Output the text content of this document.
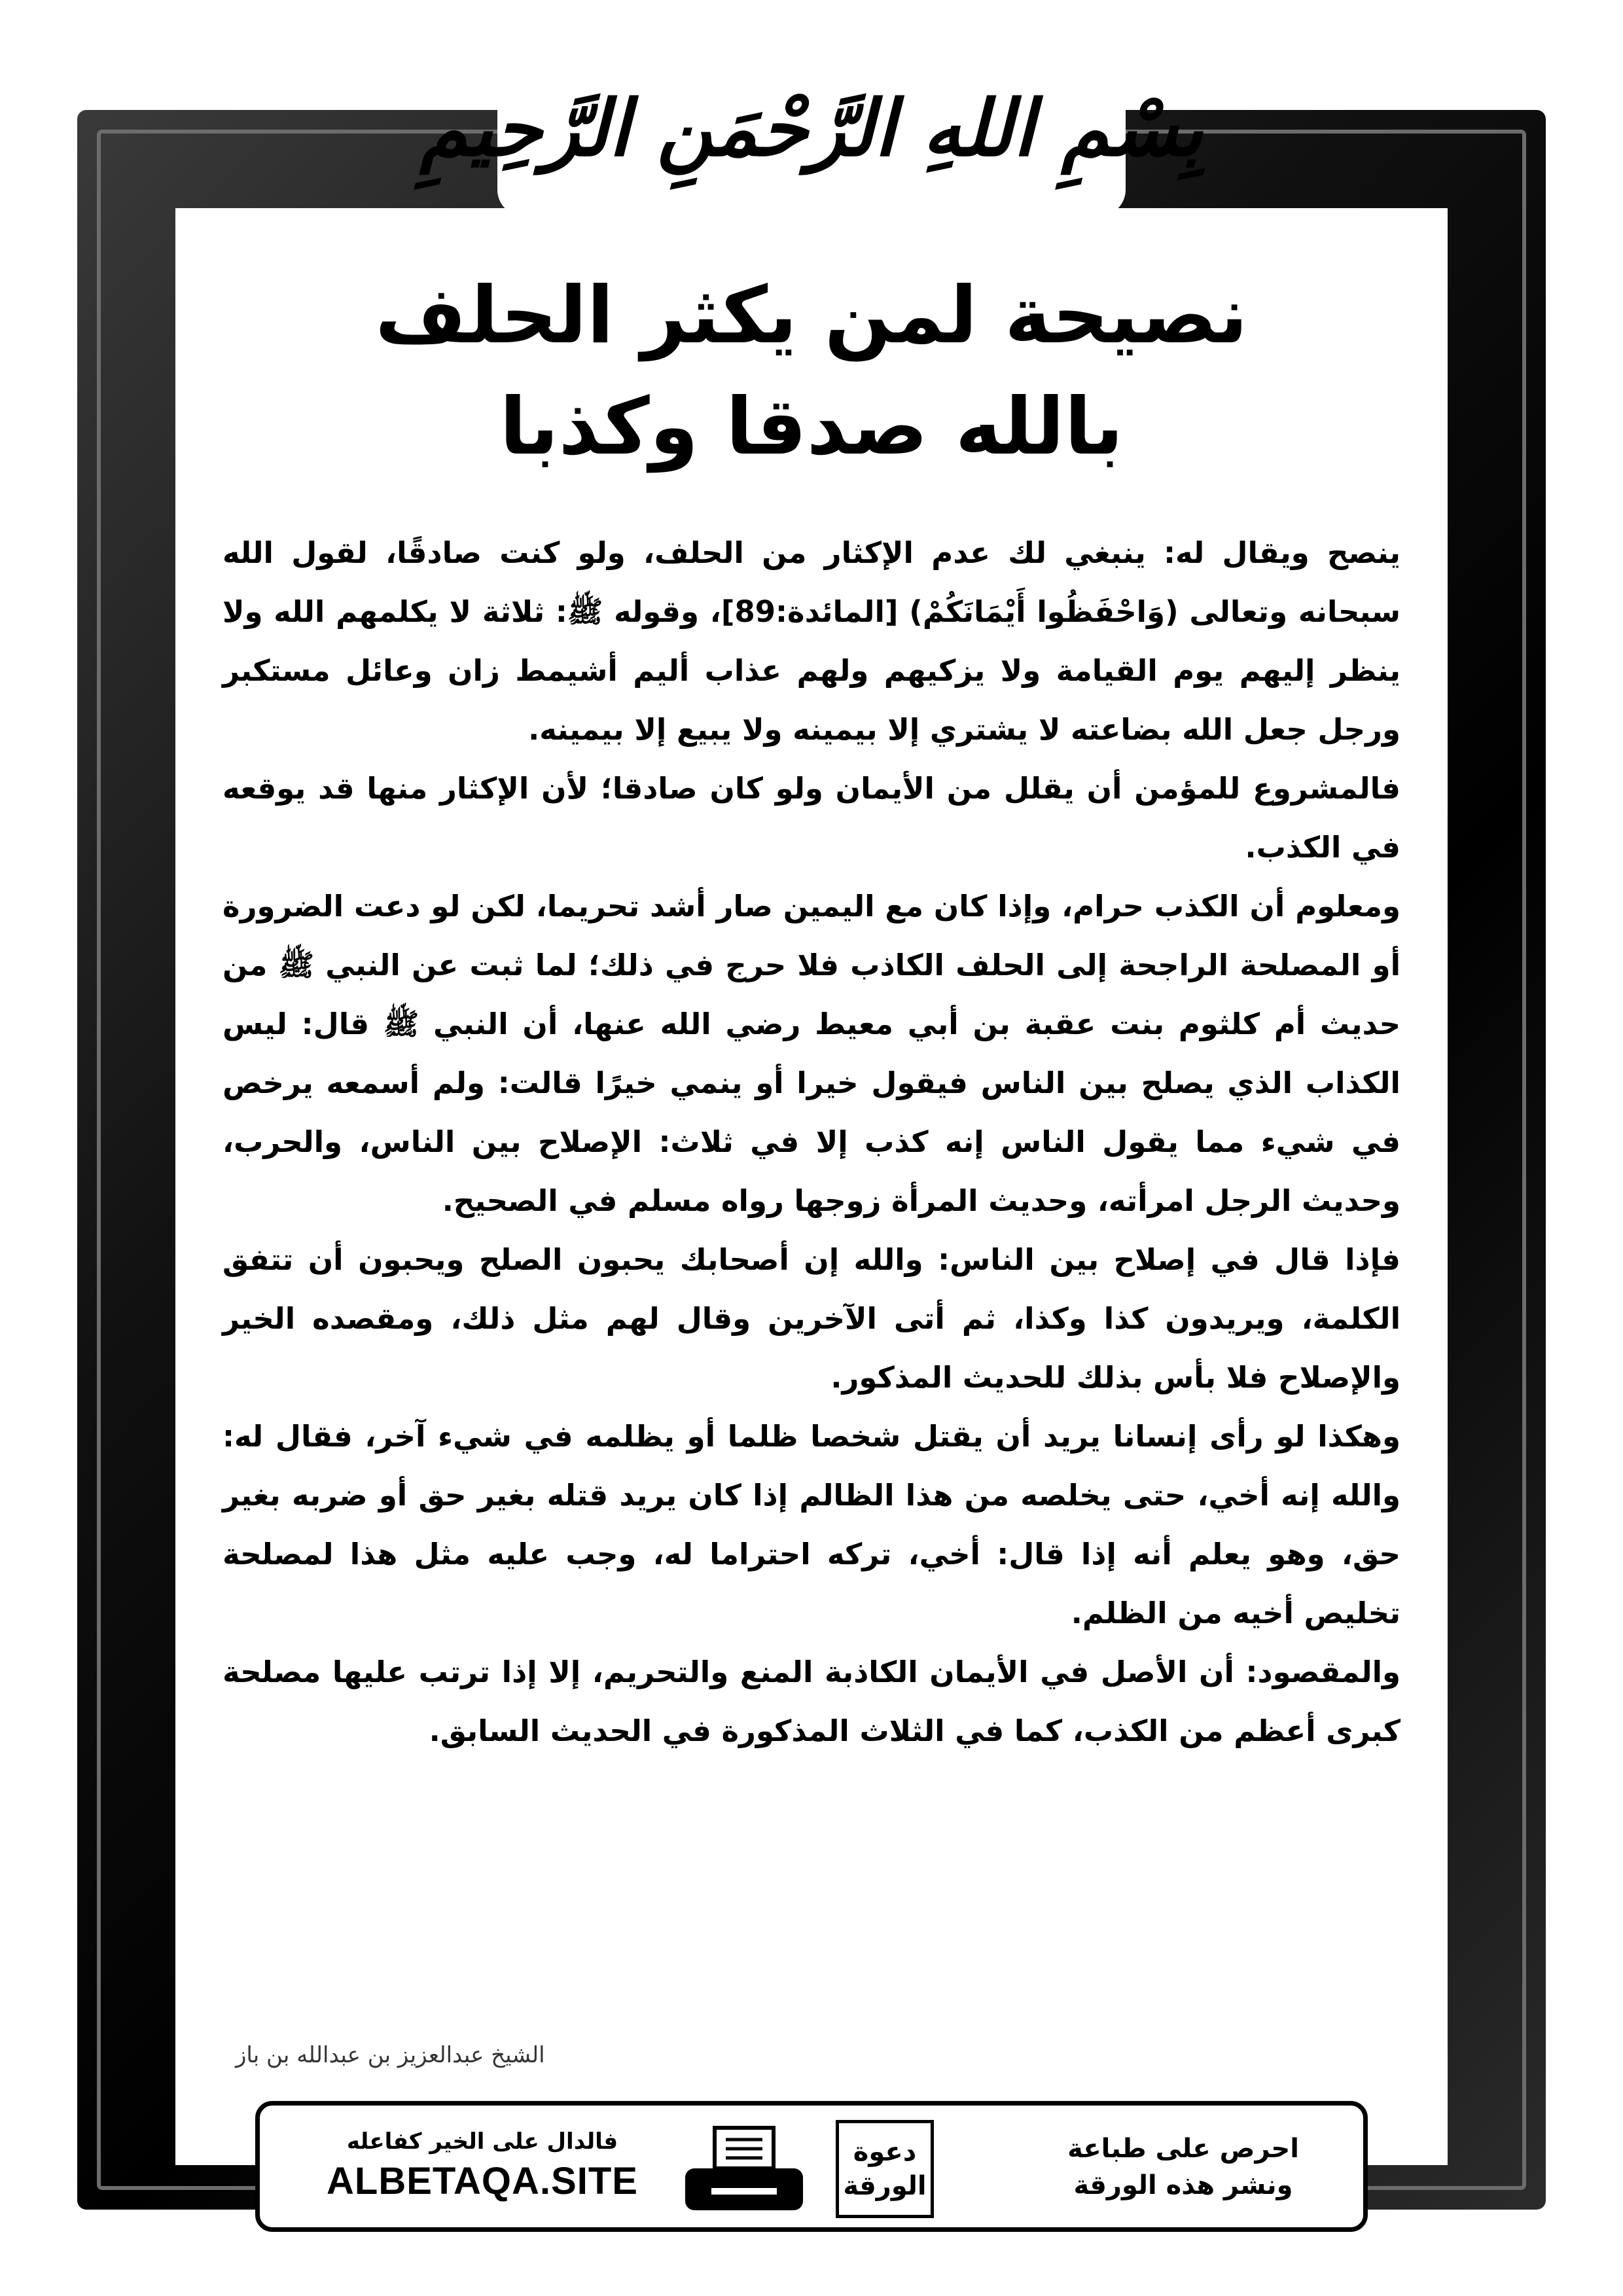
بِسْمِ اللهِ الرَّحْمَنِ الرَّحِيمِ
نصيحة لمن يكثر الحلف
بالله صدقا وكذبا

ينصح ويقال له: ينبغي لك عدم الإكثار من الحلف، ولو كنت صادقًا، لقول الله سبحانه وتعالى (وَاحْفَظُوا أَيْمَانَكُمْ) [المائدة:89]، وقوله ﷺ: ثلاثة لا يكلمهم الله ولا ينظر إليهم يوم القيامة ولا يزكيهم ولهم عذاب أليم أشيمط زان وعائل مستكبر ورجل جعل الله بضاعته لا يشتري إلا بيمينه ولا يبيع إلا بيمينه.

فالمشروع للمؤمن أن يقلل من الأيمان ولو كان صادقا؛ لأن الإكثار منها قد يوقعه في الكذب.

ومعلوم أن الكذب حرام، وإذا كان مع اليمين صار أشد تحريما، لكن لو دعت الضرورة أو المصلحة الراجحة إلى الحلف الكاذب فلا حرج في ذلك؛ لما ثبت عن النبي ﷺ من حديث أم كلثوم بنت عقبة بن أبي معيط رضي الله عنها، أن النبي ﷺ قال: ليس الكذاب الذي يصلح بين الناس فيقول خيرا أو ينمي خيرًا قالت: ولم أسمعه يرخص في شيء مما يقول الناس إنه كذب إلا في ثلاث: الإصلاح بين الناس، والحرب، وحديث الرجل امرأته، وحديث المرأة زوجها رواه مسلم في الصحيح.

فإذا قال في إصلاح بين الناس: والله إن أصحابك يحبون الصلح ويحبون أن تتفق الكلمة، ويريدون كذا وكذا، ثم أتى الآخرين وقال لهم مثل ذلك، ومقصده الخير والإصلاح فلا بأس بذلك للحديث المذكور.

وهكذا لو رأى إنسانا يريد أن يقتل شخصا ظلما أو يظلمه في شيء آخر، فقال له: والله إنه أخي، حتى يخلصه من هذا الظالم إذا كان يريد قتله بغير حق أو ضربه بغير حق، وهو يعلم أنه إذا قال: أخي، تركه احتراما له، وجب عليه مثل هذا لمصلحة تخليص أخيه من الظلم.

والمقصود: أن الأصل في الأيمان الكاذبة المنع والتحريم، إلا إذا ترتب عليها مصلحة كبرى أعظم من الكذب، كما في الثلاث المذكورة في الحديث السابق.

الشيخ عبدالعزيز بن عبدالله بن باز
احرص على طباعة
ونشر هذه الورقة
دعوة
الورقة
فالدال على الخير كفاعله
ALBETAQA.SITE
